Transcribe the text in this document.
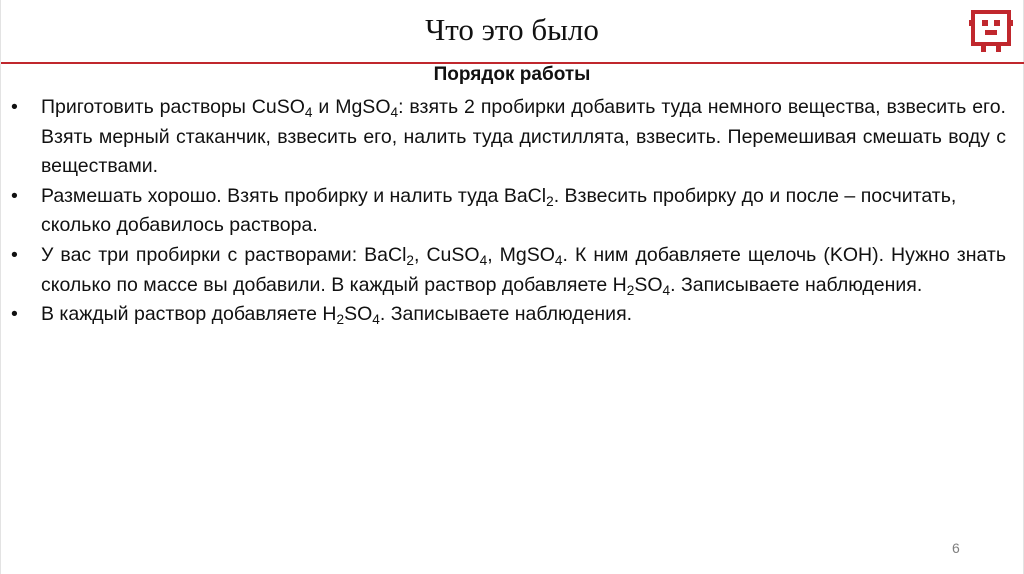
Что это было
Порядок работы
• Приготовить растворы CuSO$_4$ и MgSO$_4$: взять 2 пробирки добавить туда немного вещества, взвесить его. Взять мерный стаканчик, взвесить его, налить туда дистиллята, взвесить. Перемешивая смешать воду с веществами.
• Размешать хорошо. Взять пробирку и налить туда BaCl$_2$. Взвесить пробирку до и после – посчитать, сколько добавилось раствора.
• У вас три пробирки с растворами: BaCl$_2$, CuSO$_4$, MgSO$_4$. К ним добавляете щелочь (KOH). Нужно знать сколько по массе вы добавили. В каждый раствор добавляете $H_2SO_4$. Записываете наблюдения.
• В каждый раствор добавляете $H_2SO_4$. Записываете наблюдения.
6
